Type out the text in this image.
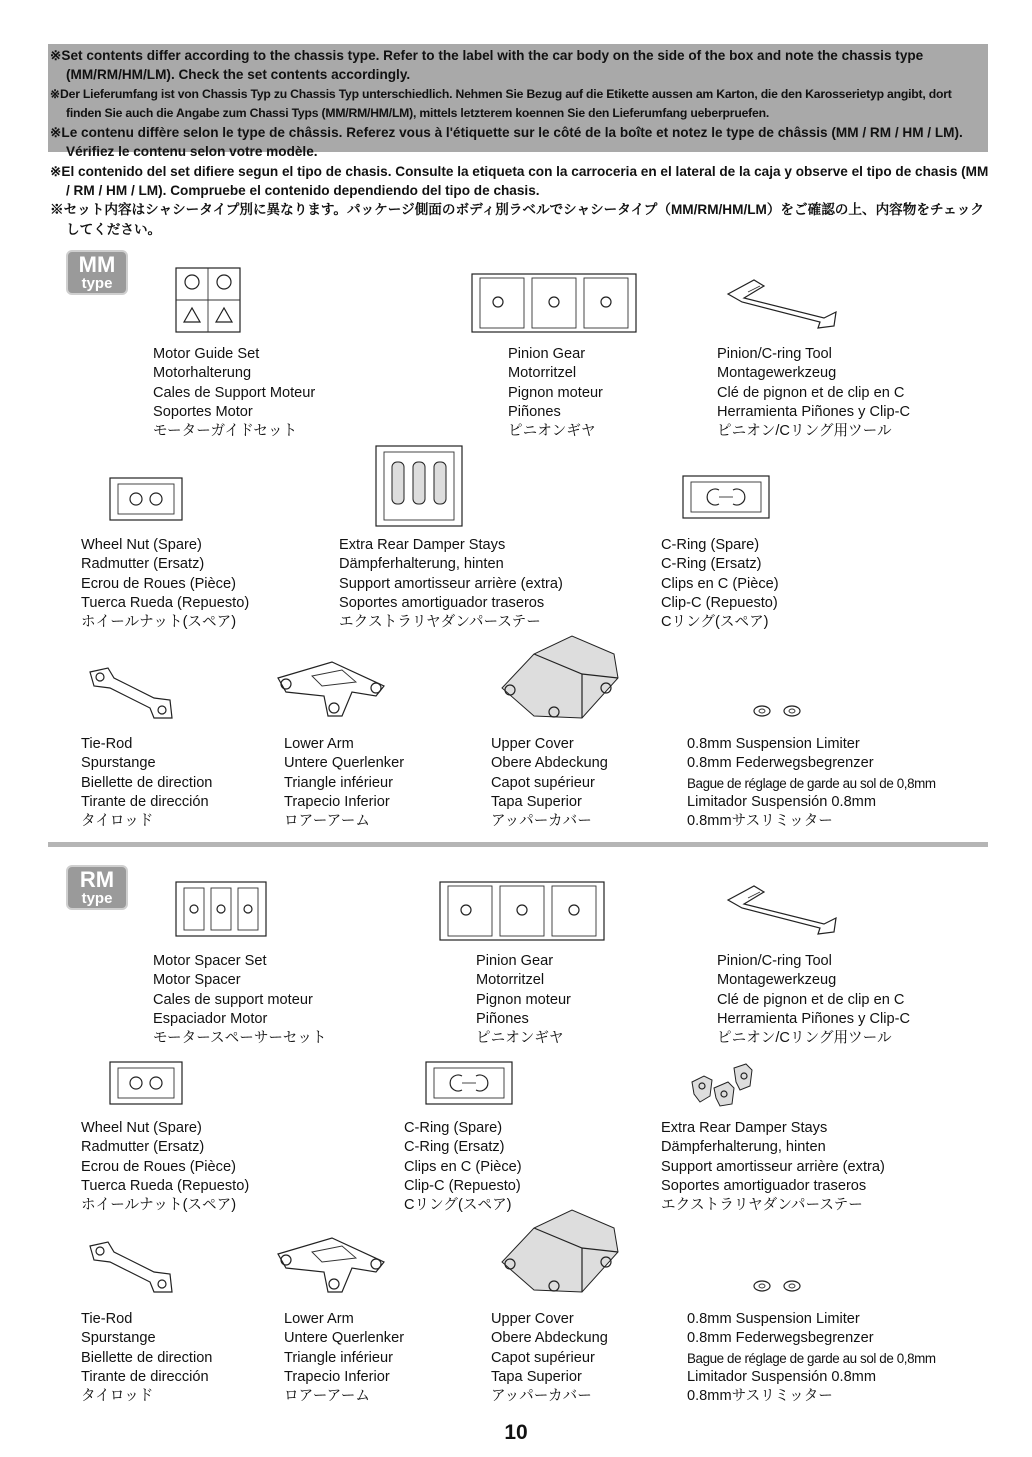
※Set contents differ according to the chassis type. Refer to the label with the car body on the side of the box and note the chassis type (MM/RM/HM/LM). Check the set contents accordingly.

※Der Lieferumfang ist von Chassis Typ zu Chassis Typ unterschiedlich. Nehmen Sie Bezug auf die Etikette aussen am Karton, die den Karosserietyp angibt, dort finden Sie auch die Angabe zum Chassi Typs (MM/RM/HM/LM), mittels letzterem koennen Sie den Lieferumfang ueberpruefen.

※Le contenu diffère selon le type de châssis. Referez vous à l'étiquette sur le côté de la boîte et notez le type de châssis (MM / RM / HM / LM). Vérifiez le contenu selon votre modèle.

※El contenido del set difiere segun el tipo de chasis. Consulte la etiqueta con la carroceria en el lateral de la caja y observe el tipo de chasis (MM / RM / HM / LM). Compruebe el contenido dependiendo del tipo de chasis.

※セット内容はシャシータイプ別に異なります。パッケージ側面のボディ別ラベルでシャシータイプ（MM/RM/HM/LM）をご確認の上、内容物をチェックしてください。

MM
type
Motor Guide Set
Motorhalterung
Cales de Support Moteur
Soportes Motor
モーターガイドセット
Pinion Gear
Motorritzel
Pignon moteur
Piñones
ピニオンギヤ
Pinion/C-ring Tool
Montagewerkzeug
Clé de pignon et de clip en C
Herramienta Piñones y Clip-C
ピニオン/Cリング用ツール
Wheel Nut (Spare)
Radmutter (Ersatz)
Ecrou de Roues (Pièce)
Tuerca Rueda (Repuesto)
ホイールナット(スペア)
Extra Rear Damper Stays
Dämpferhalterung, hinten
Support amortisseur arrière (extra)
Soportes amortiguador traseros
エクストラリヤダンパーステー
C-Ring (Spare)
C-Ring (Ersatz)
Clips en C (Pièce)
Clip-C (Repuesto)
Cリング(スペア)
Tie-Rod
Spurstange
Biellette de direction
Tirante de dirección
タイロッド
Lower Arm
Untere Querlenker
Triangle inférieur
Trapecio Inferior
ロアーアーム
Upper Cover
Obere Abdeckung
Capot supérieur
Tapa Superior
アッパーカバー
0.8mm Suspension Limiter
0.8mm Federwegsbegrenzer
Bague de réglage de garde au sol de 0,8mm
Limitador Suspensión 0.8mm
0.8mmサスリミッター
RM
type
Motor Spacer Set
Motor Spacer
Cales de support moteur
Espaciador Motor
モータースペーサーセット
Pinion Gear
Motorritzel
Pignon moteur
Piñones
ピニオンギヤ
Pinion/C-ring Tool
Montagewerkzeug
Clé de pignon et de clip en C
Herramienta Piñones y Clip-C
ピニオン/Cリング用ツール
Wheel Nut (Spare)
Radmutter (Ersatz)
Ecrou de Roues (Pièce)
Tuerca Rueda (Repuesto)
ホイールナット(スペア)
C-Ring (Spare)
C-Ring (Ersatz)
Clips en C (Pièce)
Clip-C (Repuesto)
Cリング(スペア)
Extra Rear Damper Stays
Dämpferhalterung, hinten
Support amortisseur arrière (extra)
Soportes amortiguador traseros
エクストラリヤダンパーステー
Tie-Rod
Spurstange
Biellette de direction
Tirante de dirección
タイロッド
Lower Arm
Untere Querlenker
Triangle inférieur
Trapecio Inferior
ロアーアーム
Upper Cover
Obere Abdeckung
Capot supérieur
Tapa Superior
アッパーカバー
0.8mm Suspension Limiter
0.8mm Federwegsbegrenzer
Bague de réglage de garde au sol de 0,8mm
Limitador Suspensión 0.8mm
0.8mmサスリミッター
10
